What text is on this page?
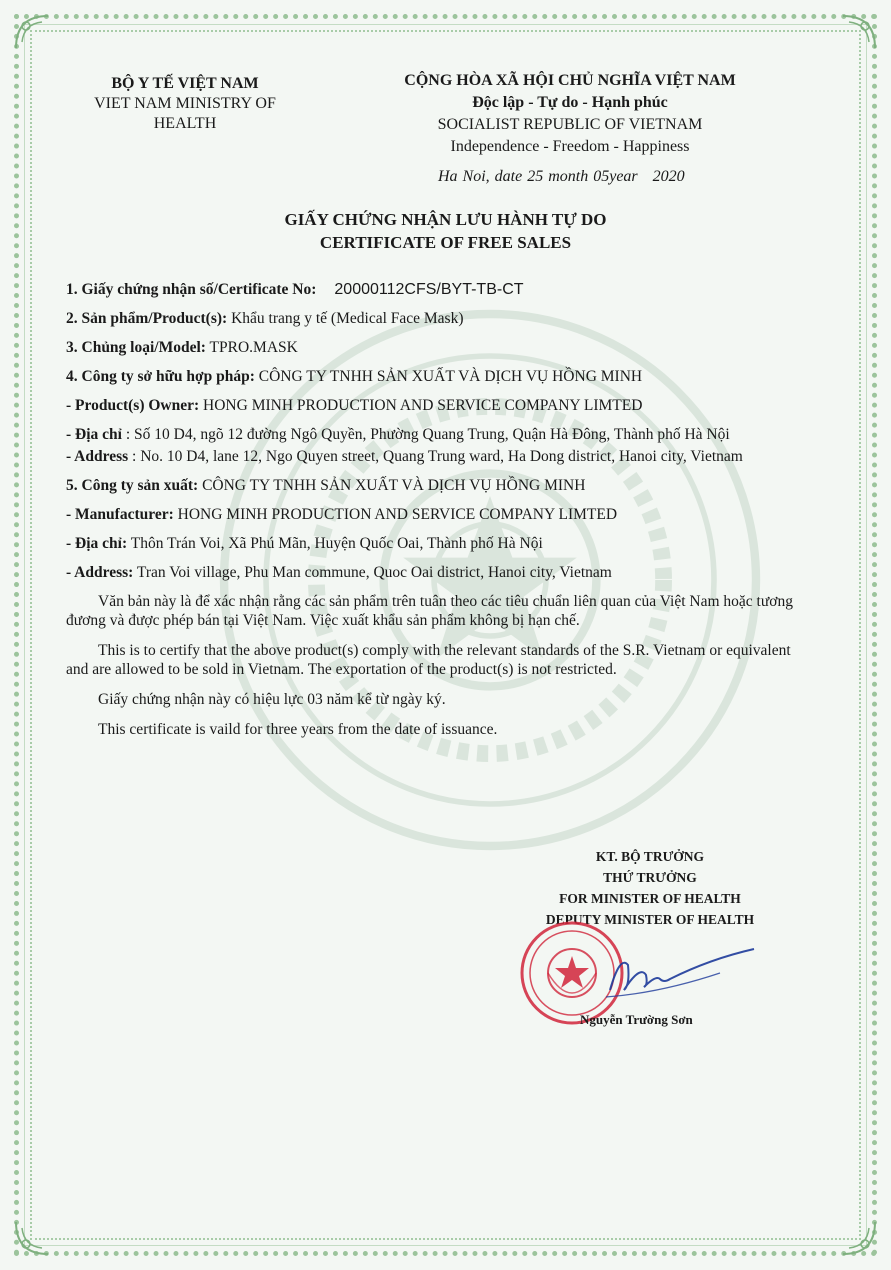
BỘ Y TẾ VIỆT NAM
VIET NAM MINISTRY OF
HEALTH
CỘNG HÒA XÃ HỘI CHỦ NGHĨA VIỆT NAM
Độc lập - Tự do - Hạnh phúc
SOCIALIST REPUBLIC OF VIETNAM
Independence - Freedom - Happiness
Ha Noi, date 25 month 05year 2020
GIẤY CHỨNG NHẬN LƯU HÀNH TỰ DO
CERTIFICATE OF FREE SALES
1. Giấy chứng nhận số/Certificate No: 20000112CFS/BYT-TB-CT
2. Sản phẩm/Product(s): Khẩu trang y tế (Medical Face Mask)
3. Chủng loại/Model: TPRO.MASK
4. Công ty sở hữu hợp pháp: CÔNG TY TNHH SẢN XUẤT VÀ DỊCH VỤ HỒNG MINH
- Product(s) Owner: HONG MINH PRODUCTION AND SERVICE COMPANY LIMTED
- Địa chỉ : Số 10 D4, ngõ 12 đường Ngô Quyền, Phường Quang Trung, Quận Hà Đông, Thành phố Hà Nội
- Address : No. 10 D4, lane 12, Ngo Quyen street, Quang Trung ward, Ha Dong district, Hanoi city, Vietnam
5. Công ty sản xuất: CÔNG TY TNHH SẢN XUẤT VÀ DỊCH VỤ HỒNG MINH
- Manufacturer: HONG MINH PRODUCTION AND SERVICE COMPANY LIMTED
- Địa chỉ: Thôn Trán Voi, Xã Phú Mãn, Huyện Quốc Oai, Thành phố Hà Nội
- Address: Tran Voi village, Phu Man commune, Quoc Oai district, Hanoi city, Vietnam

Văn bản này là để xác nhận rằng các sản phẩm trên tuân theo các tiêu chuẩn liên quan của Việt Nam hoặc tương đương và được phép bán tại Việt Nam. Việc xuất khẩu sản phẩm không bị hạn chế.

This is to certify that the above product(s) comply with the relevant standards of the S.R. Vietnam or equivalent and are allowed to be sold in Vietnam. The exportation of the product(s) is not restricted.

Giấy chứng nhận này có hiệu lực 03 năm kể từ ngày ký.

This certificate is vaild for three years from the date of issuance.

KT. BỘ TRƯỞNG
THỨ TRƯỞNG
FOR MINISTER OF HEALTH
DEPUTY MINISTER OF HEALTH
Nguyễn Trường Sơn
